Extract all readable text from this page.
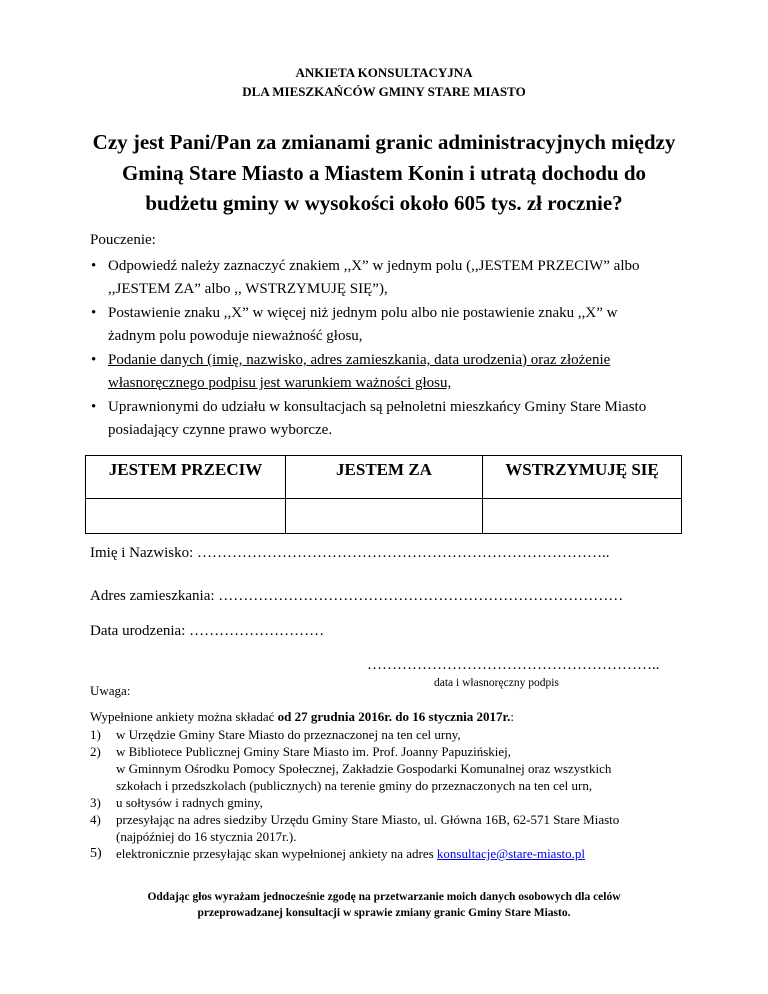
ANKIETA KONSULTACYJNA
DLA MIESZKAŃCÓW GMINY STARE MIASTO
Czy jest Pani/Pan za zmianami granic administracyjnych między
Gminą Stare Miasto a Miastem Konin i utratą dochodu do
budżetu gminy w wysokości około 605 tys. zł rocznie?
Pouczenie:
• Odpowiedź należy zaznaczyć znakiem ,,X” w jednym polu (,,JESTEM PRZECIW” albo
,,JESTEM ZA” albo ,, WSTRZYMUJĘ SIĘ”),
• Postawienie znaku ,,X” w więcej niż jednym polu albo nie postawienie znaku ,,X” w
żadnym polu powoduje nieważność głosu,
• Podanie danych (imię, nazwisko, adres zamieszkania, data urodzenia) oraz złożenie
własnoręcznego podpisu jest warunkiem ważności głosu,
• Uprawnionymi do udziału w konsultacjach są pełnoletni mieszkańcy Gminy Stare Miasto
posiadający czynne prawo wyborcze.
JESTEM PRZECIW	JESTEM ZA	WSTRZYMUJĘ SIĘ

Imię i Nazwisko: ………………………………………………………………………..
Adres zamieszkania: ………………………………………………………………………
Data urodzenia: ………………………
…………………………………………………..
data i własnoręczny podpis
Uwaga:
Wypełnione ankiety można składać od 27 grudnia 2016r. do 16 stycznia 2017r.:
1) w Urzędzie Gminy Stare Miasto do przeznaczonej na ten cel urny,
2) w Bibliotece Publicznej Gminy Stare Miasto im. Prof. Joanny Papuzińskiej,
w Gminnym Ośrodku Pomocy Społecznej, Zakładzie Gospodarki Komunalnej oraz wszystkich
szkołach i przedszkolach (publicznych) na terenie gminy do przeznaczonych na ten cel urn,
3) u sołtysów i radnych gminy,
4) przesyłając na adres siedziby Urzędu Gminy Stare Miasto, ul. Główna 16B, 62-571 Stare Miasto
(najpóźniej do 16 stycznia 2017r.).
5) elektronicznie przesyłając skan wypełnionej ankiety na adres konsultacje@stare-miasto.pl
Oddając głos wyrażam jednocześnie zgodę na przetwarzanie moich danych osobowych dla celów
przeprowadzanej konsultacji w sprawie zmiany granic Gminy Stare Miasto.
